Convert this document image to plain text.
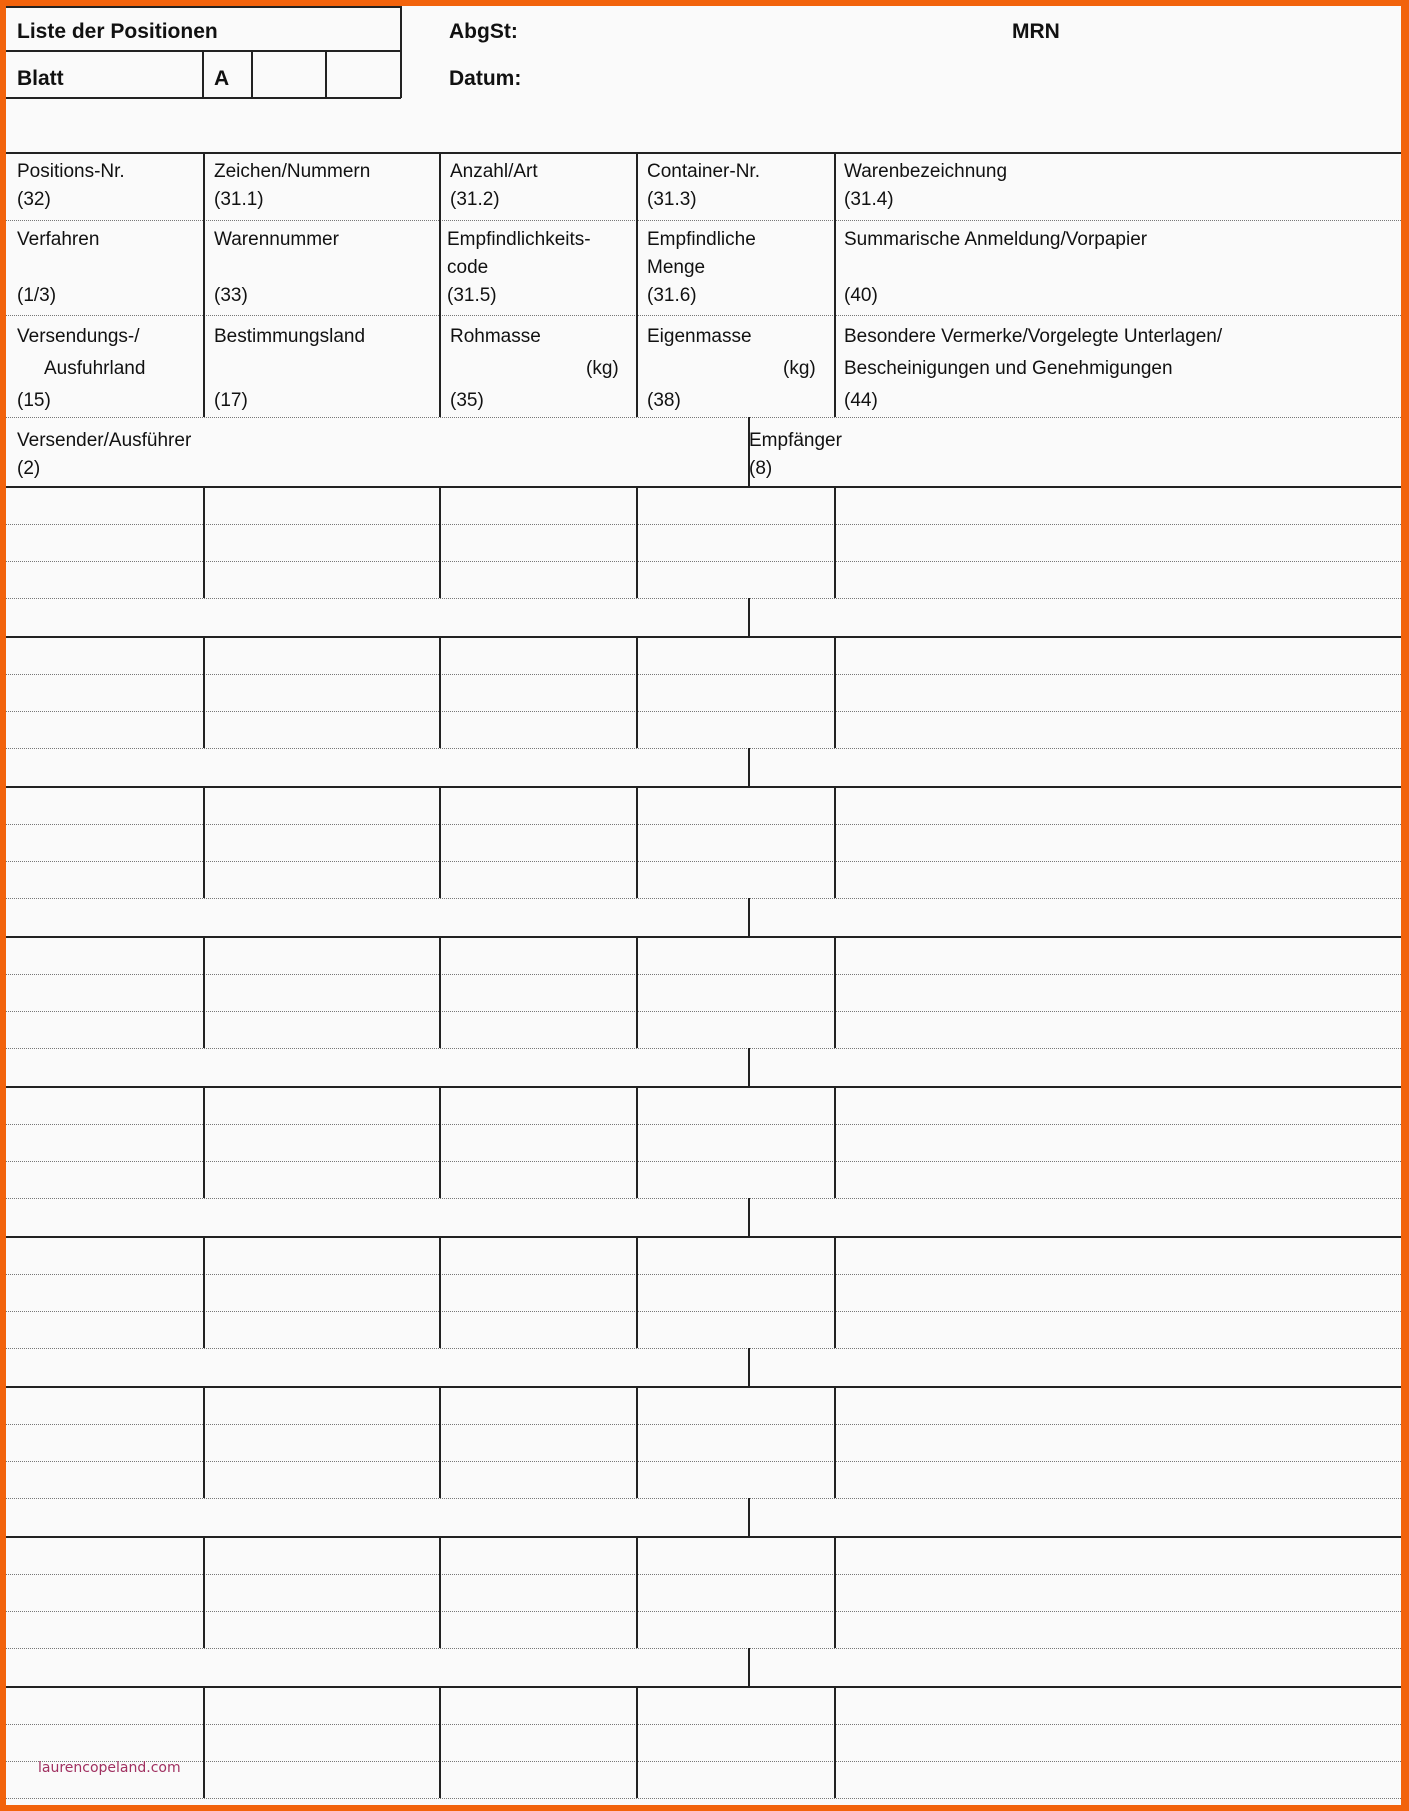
Liste der Positionen
Blatt	A
AbgSt:
Datum:
MRN
Positions-Nr.
(32)
Zeichen/Nummern
(31.1)
Anzahl/Art
(31.2)
Container-Nr.
(31.3)
Warenbezeichnung
(31.4)
Verfahren
(1/3)
Warennummer
(33)
Empfindlichkeits-
code
(31.5)
Empfindliche
Menge
(31.6)
Summarische Anmeldung/Vorpapier
(40)
Versendungs-/
Ausfuhrland
(15)
Bestimmungsland
(17)
Rohmasse
(kg)
(35)
Eigenmasse
(kg)
(38)
Besondere Vermerke/Vorgelegte Unterlagen/
Bescheinigungen und Genehmigungen
(44)
Versender/Ausführer
(2)
Empfänger
(8)
laurencopeland.com
